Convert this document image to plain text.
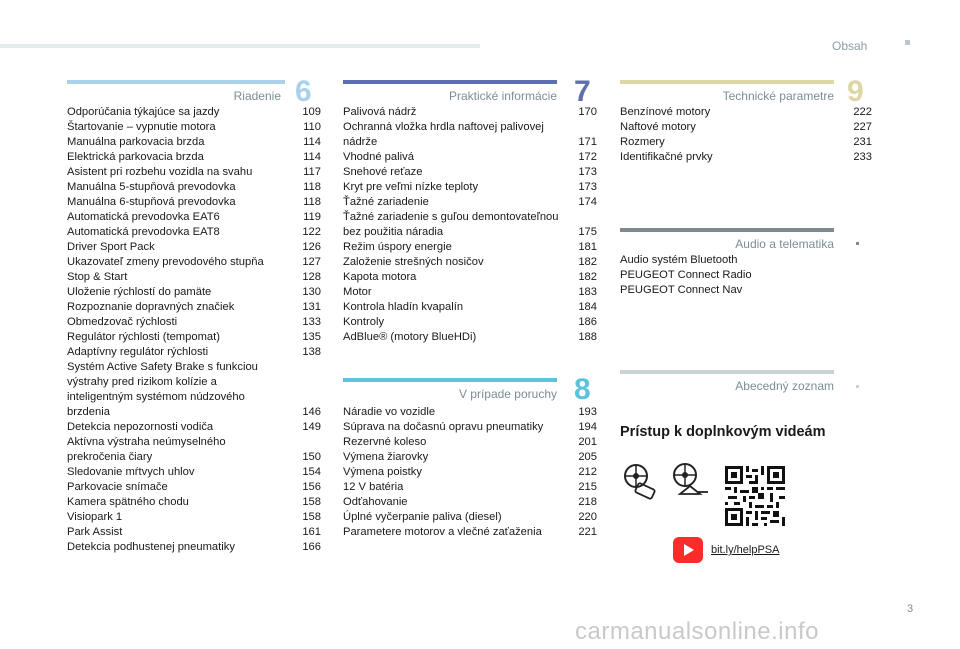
Obsah
Riadenie 6
Odporúčania týkajúce sa jazdy	109
Štartovanie – vypnutie motora	110
Manuálna parkovacia brzda	114
Elektrická parkovacia brzda	114
Asistent pri rozbehu vozidla na svahu	117
Manuálna 5-stupňová prevodovka	118
Manuálna 6-stupňová prevodovka	118
Automatická prevodovka EAT6	119
Automatická prevodovka EAT8	122
Driver Sport Pack	126
Ukazovateľ zmeny prevodového stupňa	127
Stop & Start	128
Uloženie rýchlostí do pamäte	130
Rozpoznanie dopravných značiek	131
Obmedzovač rýchlosti	133
Regulátor rýchlosti (tempomat)	135
Adaptívny regulátor rýchlosti	138
Systém Active Safety Brake s funkciou výstrahy pred rizikom kolízie a inteligentným systémom núdzového brzdenia	146
Detekcia nepozornosti vodiča	149
Aktívna výstraha neúmyselného prekročenia čiary	150
Sledovanie mŕtvych uhlov	154
Parkovacie snímače	156
Kamera spätného chodu	158
Visiopark 1	158
Park Assist	161
Detekcia podhustenej pneumatiky	166
Praktické informácie 7
Palivová nádrž	170
Ochranná vložka hrdla naftovej palivovej nádrže	171
Vhodné palivá	172
Snehové reťaze	173
Kryt pre veľmi nízke teploty	173
Ťažné zariadenie	174
Ťažné zariadenie s guľou demontovateľnou bez použitia náradia	175
Režim úspory energie	181
Založenie strešných nosičov	182
Kapota motora	182
Motor	183
Kontrola hladín kvapalín	184
Kontroly	186
AdBlue® (motory BlueHDi)	188
V prípade poruchy 8
Náradie vo vozidle	193
Súprava na dočasnú opravu pneumatiky	194
Rezervné koleso	201
Výmena žiarovky	205
Výmena poistky	212
12 V batéria	215
Odťahovanie	218
Úplné vyčerpanie paliva (diesel)	220
Parametere motorov a vlečné zaťaženia	221
Technické parametre 9
Benzínové motory	222
Naftové motory	227
Rozmery	231
Identifikačné prvky	233
Audio a telematika
Audio systém Bluetooth
PEUGEOT Connect Radio
PEUGEOT Connect Nav
Abecedný zoznam
Prístup k doplnkovým videám
bit.ly/helpPSA
3
carmanualsonline.info
